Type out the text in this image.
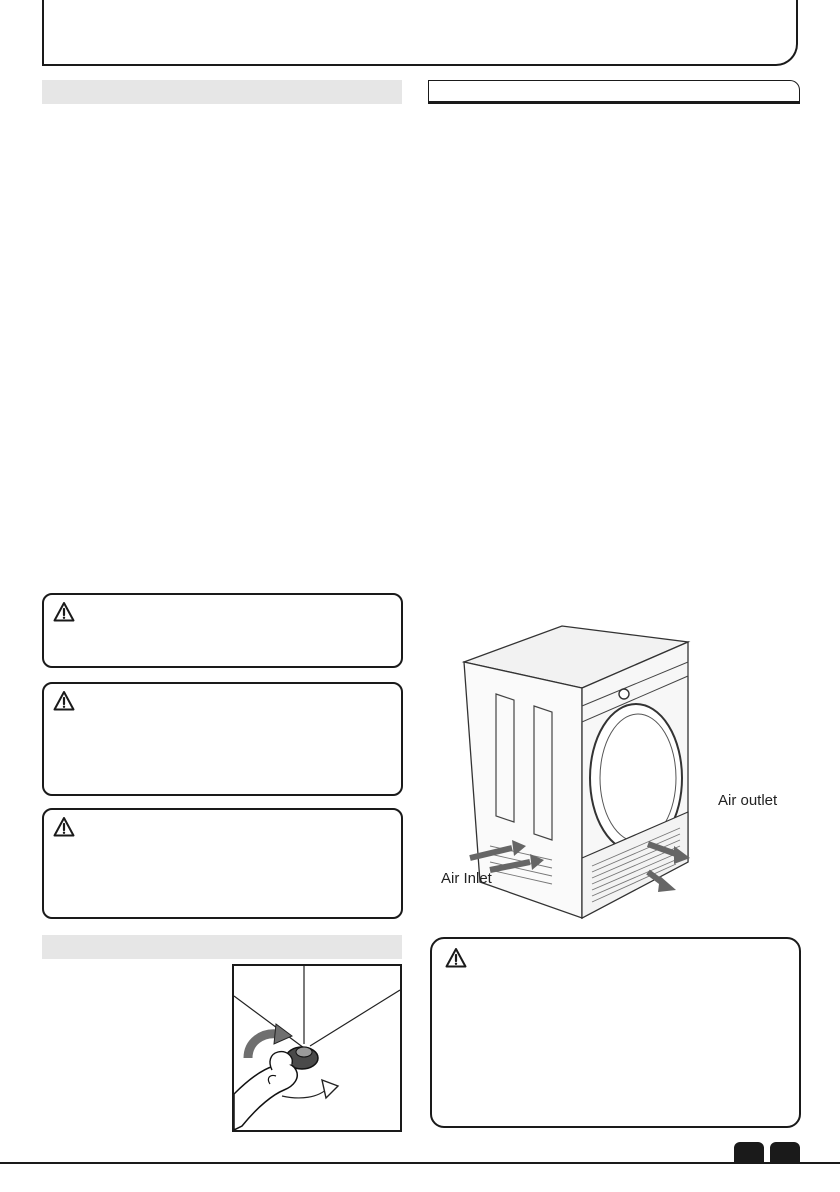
Air outlet
Air Inlet
